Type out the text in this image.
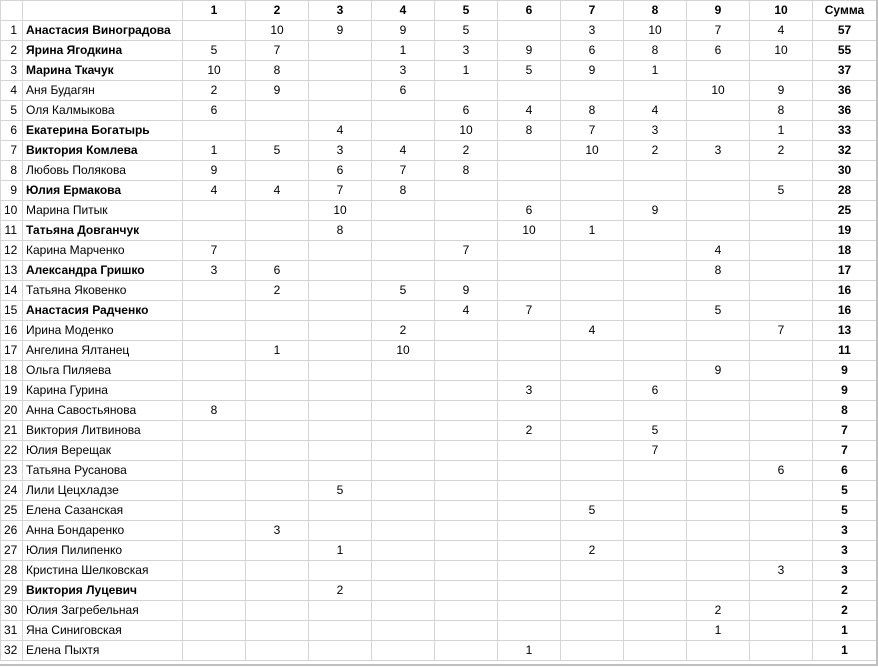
		1	2	3	4	5	6	7	8	9	10	Сумма
1	Анастасия Виноградова		10	9	9	5		3	10	7	4	57
2	Ярина Ягодкина	5	7		1	3	9	6	8	6	10	55
3	Марина Ткачук	10	8		3	1	5	9	1			37
4	Аня Будагян	2	9		6					10	9	36
5	Оля Калмыкова	6				6	4	8	4		8	36
6	Екатерина Богатырь			4		10	8	7	3		1	33
7	Виктория Комлева	1	5	3	4	2		10	2	3	2	32
8	Любовь Полякова	9		6	7	8						30
9	Юлия Ермакова	4	4	7	8						5	28
10	Марина Питык			10			6		9			25
11	Татьяна Довганчук			8			10	1				19
12	Карина Марченко	7				7				4		18
13	Александра Гришко	3	6							8		17
14	Татьяна Яковенко		2		5	9						16
15	Анастасия Радченко					4	7			5		16
16	Ирина Моденко				2			4			7	13
17	Ангелина Ялтанец		1		10							11
18	Ольга Пиляева									9		9
19	Карина Гурина						3		6			9
20	Анна Савостьянова	8										8
21	Виктория Литвинова						2		5			7
22	Юлия Верещак								7			7
23	Татьяна Русанова										6	6
24	Лили Цецхладзе			5								5
25	Елена Сазанская							5				5
26	Анна Бондаренко		3									3
27	Юлия Пилипенко			1				2				3
28	Кристина Шелковская										3	3
29	Виктория Луцевич			2								2
30	Юлия Загребельная									2		2
31	Яна Синиговская									1		1
32	Елена Пыхтя						1					1
